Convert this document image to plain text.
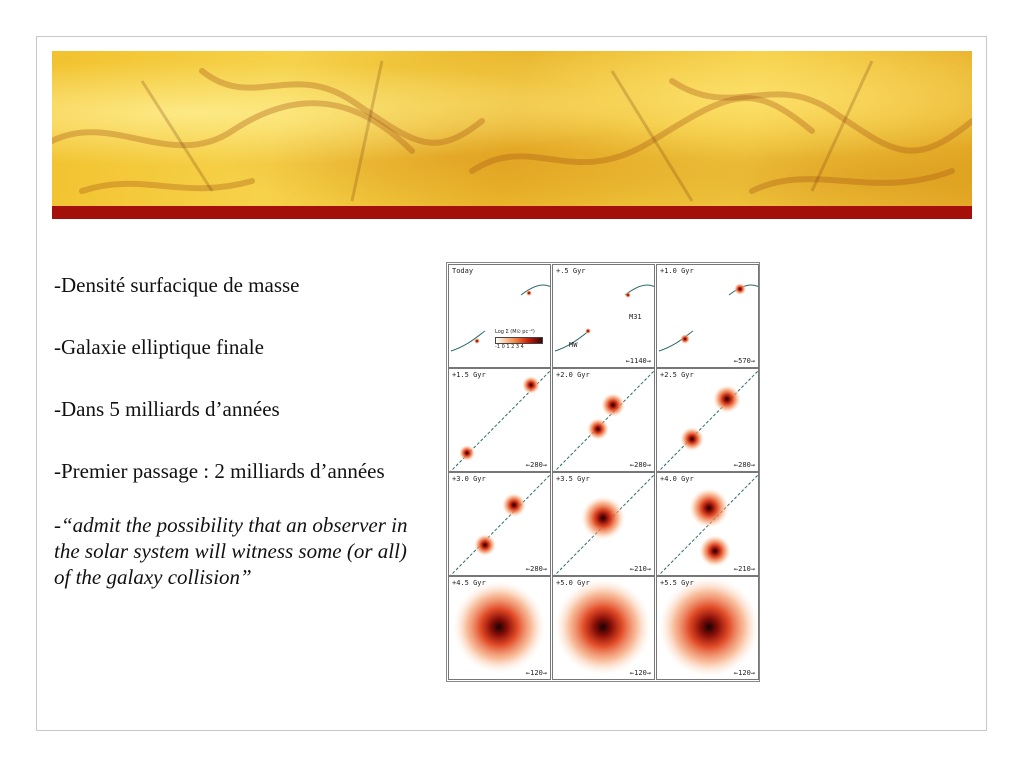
-Densité surfacique de masse
-Galaxie elliptique finale
-Dans 5 milliards d’années
-Premier passage : 2 milliards d’années
-“admit the possibility that an observer in the solar system will witness some (or all) of the galaxy collision”
Today
Log Σ (M⊙ pc⁻²)
-1 0 1 2 3 4
+.5 Gyr
←1140→
M31
MW
+1.0 Gyr
←570→
+1.5 Gyr
←280→
+2.0 Gyr
←280→
+2.5 Gyr
←280→
+3.0 Gyr
←280→
+3.5 Gyr
←210→
+4.0 Gyr
←210→
+4.5 Gyr
←120→
+5.0 Gyr
←120→
+5.5 Gyr
←120→
